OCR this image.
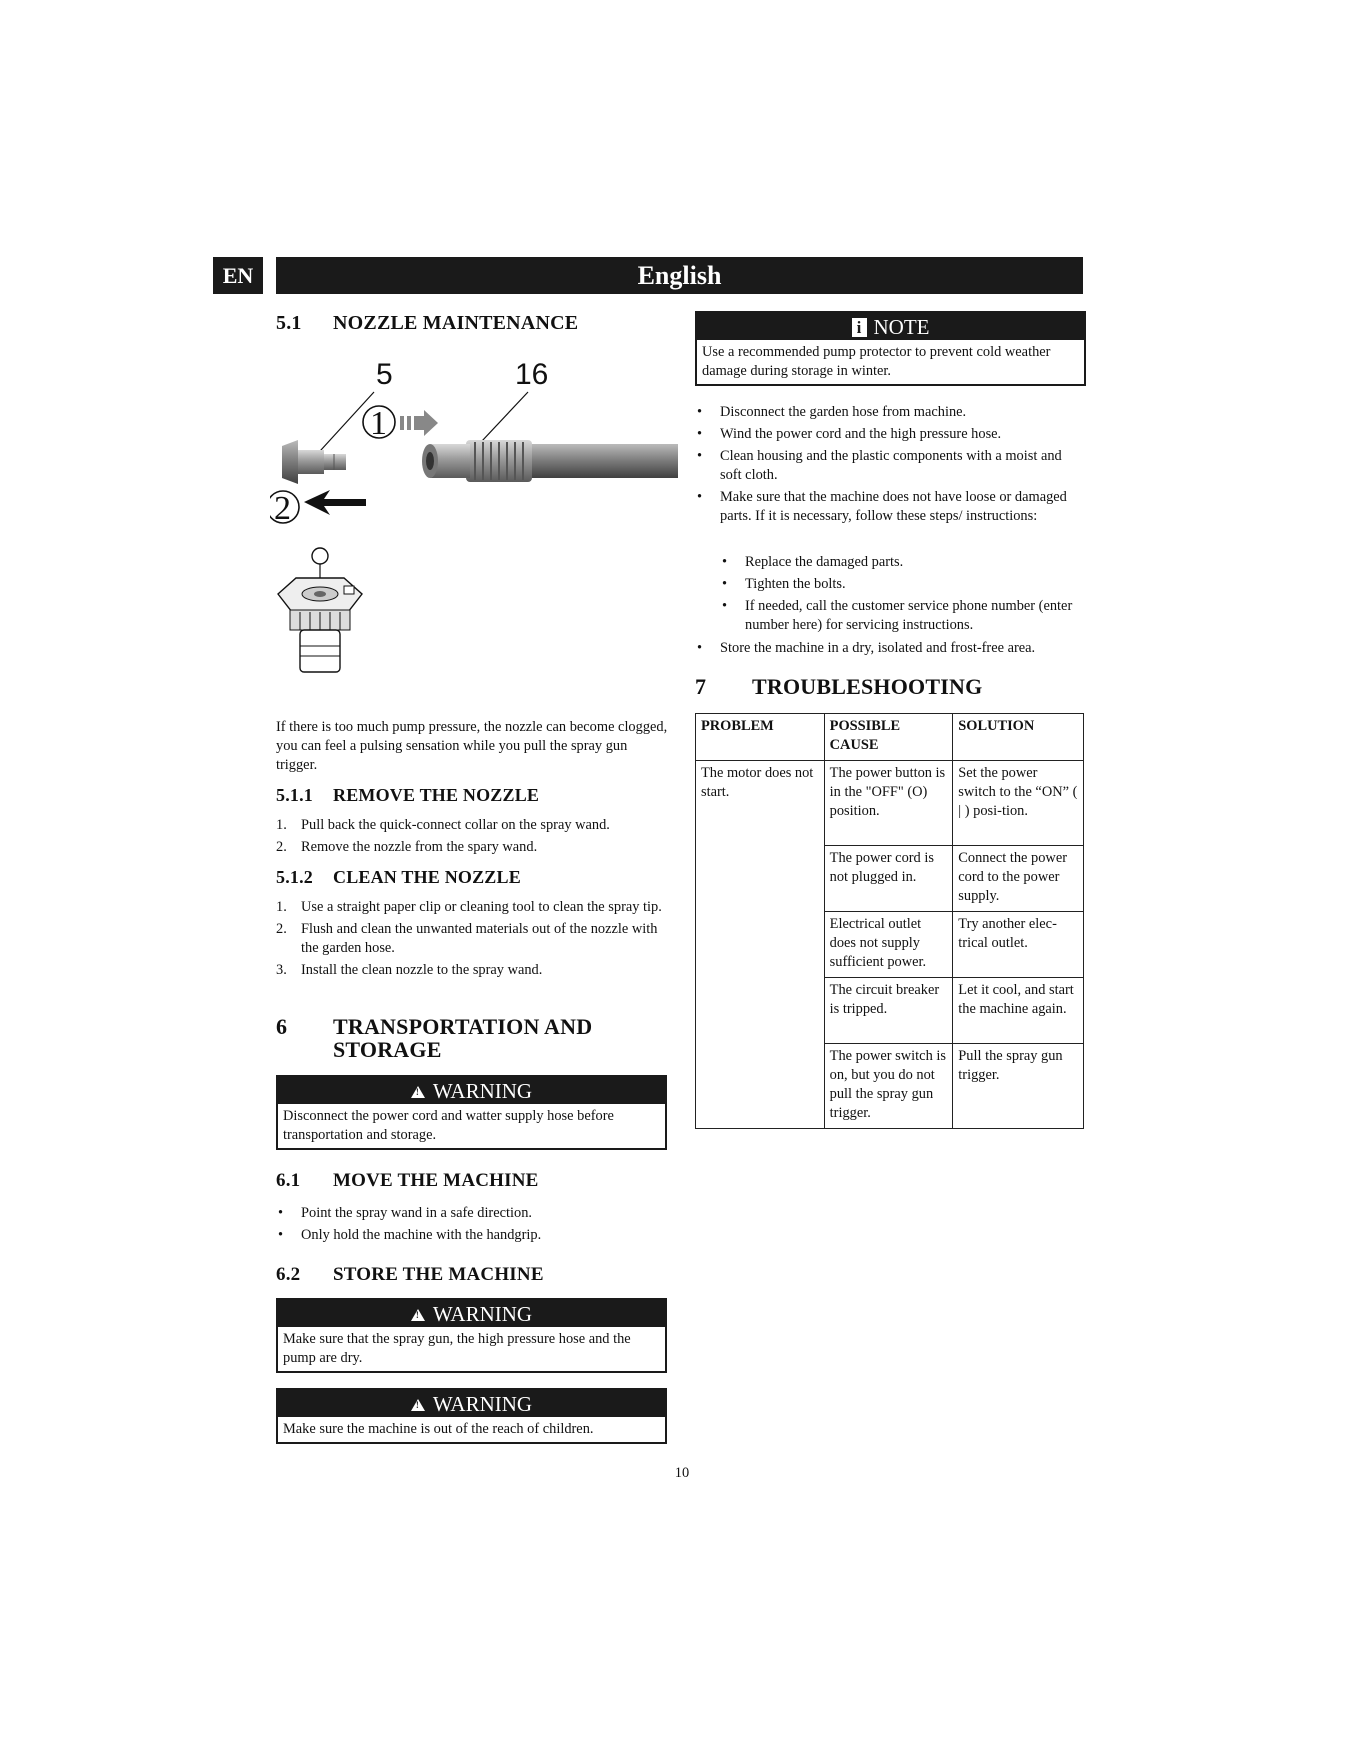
EN	English
5.1 NOZZLE MAINTENANCE
5	16
1
2
If there is too much pump pressure, the nozzle can become clogged, you can feel a pulsing sensation while you pull the spray gun trigger.
5.1.1 REMOVE THE NOZZLE
1. Pull back the quick-connect collar on the spray wand.
2. Remove the nozzle from the spary wand.
5.1.2 CLEAN THE NOZZLE
1. Use a straight paper clip or cleaning tool to clean the spray tip.
2. Flush and clean the unwanted materials out of the nozzle with the garden hose.
3. Install the clean nozzle to the spray wand.
6 TRANSPORTATION AND
STORAGE
!WARNING
Disconnect the power cord and watter supply hose before transportation and storage.
6.1 MOVE THE MACHINE
• Point the spray wand in a safe direction.
• Only hold the machine with the handgrip.
6.2 STORE THE MACHINE
!WARNING
Make sure that the spray gun, the high pressure hose and the pump are dry.
!WARNING
Make sure the machine is out of the reach of children.
i NOTE
Use a recommended pump protector to prevent cold weather damage during storage in winter.
• Disconnect the garden hose from machine.
• Wind the power cord and the high pressure hose.
• Clean housing and the plastic components with a moist and soft cloth.
• Make sure that the machine does not have loose or damaged parts. If it is necessary, follow these steps/ instructions:
• Replace the damaged parts.
• Tighten the bolts.
• If needed, call the customer service phone number (enter number here) for servicing instructions.
• Store the machine in a dry, isolated and frost-free area.
7 TROUBLESHOOTING
PROBLEM	POSSIBLE CAUSE	SOLUTION
The motor does not start.	The power button is in the "OFF" (O) position.	Set the power switch to the “ON” ( | ) posi-tion.
	The power cord is not plugged in.	Connect the power cord to the power supply.
	Electrical outlet does not supply sufficient power.	Try another elec-trical outlet.
	The circuit breaker is tripped.	Let it cool, and start the machine again.
	The power switch is on, but you do not pull the spray gun trigger.	Pull the spray gun trigger.
10
